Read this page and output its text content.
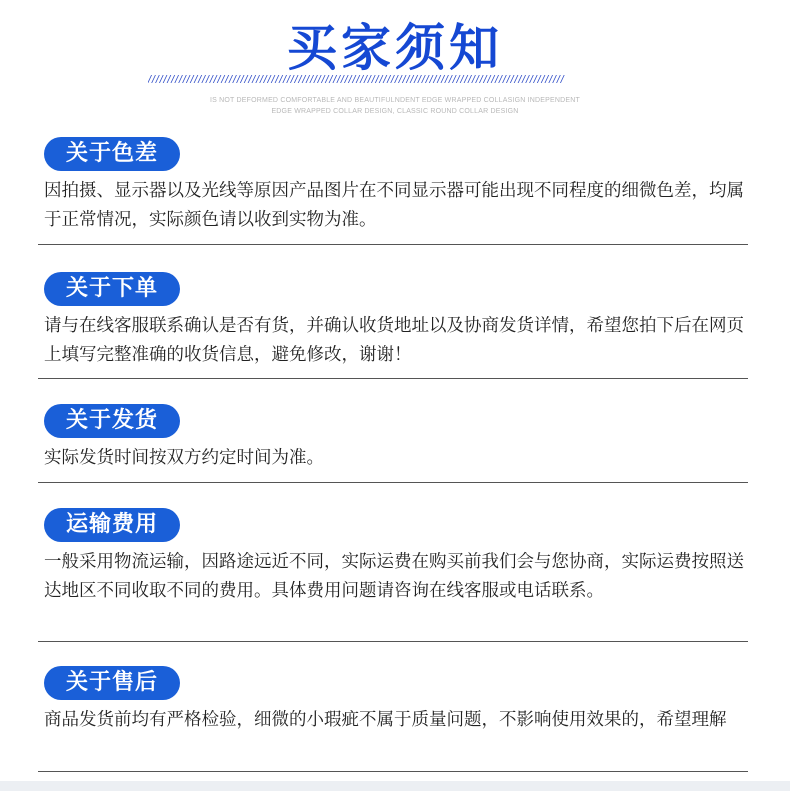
买家须知
////////////////////////////////////////////////////////////////////////////////////////////////////////////
IS NOT DEFORMED COMFORTABLE AND BEAUTIFULNDENT EDGE WRAPPED COLLASIGN INDEPENDENT
EDGE WRAPPED COLLAR DESIGN, CLASSIC ROUND COLLAR DESIGN
关于色差
因拍摄、显示器以及光线等原因产品图片在不同显示器可能出现不同程度的细微色差，均属于正常情况，实际颜色请以收到实物为准。
关于下单
请与在线客服联系确认是否有货，并确认收货地址以及协商发货详情，希望您拍下后在网页上填写完整准确的收货信息，避免修改，谢谢！
关于发货
实际发货时间按双方约定时间为准。
运输费用
一般采用物流运输，因路途远近不同，实际运费在购买前我们会与您协商，实际运费按照送达地区不同收取不同的费用。具体费用问题请咨询在线客服或电话联系。
关于售后
商品发货前均有严格检验，细微的小瑕疵不属于质量问题，不影响使用效果的，希望理解
